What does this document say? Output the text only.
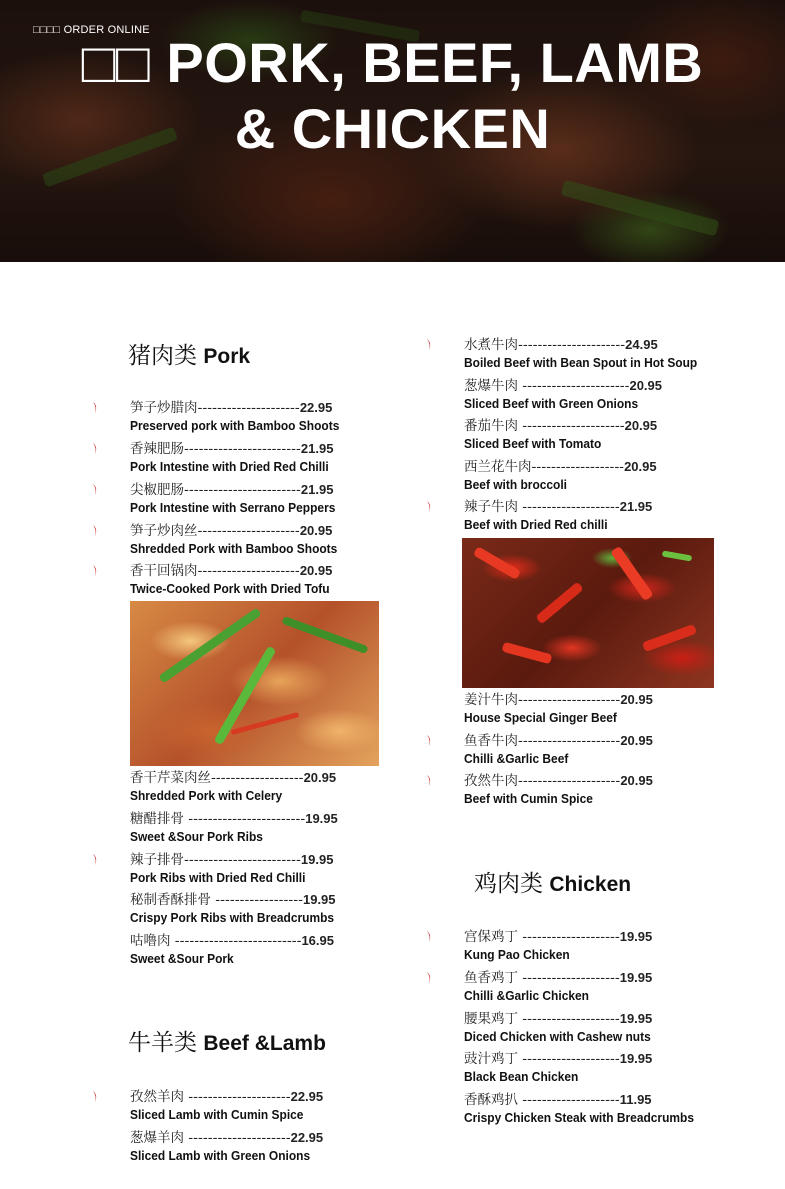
□□□□ ORDER ONLINE
□□ PORK, BEEF, LAMB
& CHICKEN
猪肉类 Pork
笋子炒腊肉---------------------22.95
Preserved pork with Bamboo Shoots
香辣肥肠------------------------21.95
Pork Intestine with Dried Red Chilli
尖椒肥肠------------------------21.95
Pork Intestine with Serrano Peppers
笋子炒肉丝---------------------20.95
Shredded Pork with Bamboo Shoots
香干回锅肉---------------------20.95
Twice-Cooked Pork with Dried Tofu
香干芹菜肉丝-------------------20.95
Shredded Pork with Celery
糖醋排骨 ------------------------19.95
Sweet &Sour Pork Ribs
辣子排骨------------------------19.95
Pork Ribs with Dried Red Chilli
秘制香酥排骨 ------------------19.95
Crispy Pork Ribs with Breadcrumbs
咕噜肉 --------------------------16.95
Sweet &Sour Pork
牛羊类 Beef &Lamb
孜然羊肉 ---------------------22.95
Sliced Lamb with Cumin Spice
葱爆羊肉 ---------------------22.95
Sliced Lamb with Green Onions
水煮牛肉----------------------24.95
Boiled Beef with Bean Spout in Hot Soup
葱爆牛肉 ----------------------20.95
Sliced Beef with Green Onions
番茄牛肉 ---------------------20.95
Sliced Beef with Tomato
西兰花牛肉-------------------20.95
Beef with broccoli
辣子牛肉 --------------------21.95
Beef with Dried Red chilli
姜汁牛肉---------------------20.95
House Special Ginger Beef
鱼香牛肉---------------------20.95
Chilli &Garlic Beef
孜然牛肉---------------------20.95
Beef with Cumin Spice
鸡肉类 Chicken
宫保鸡丁 --------------------19.95
Kung Pao Chicken
鱼香鸡丁 --------------------19.95
Chilli &Garlic Chicken
腰果鸡丁 --------------------19.95
Diced Chicken with Cashew nuts
豉汁鸡丁 --------------------19.95
Black Bean Chicken
香酥鸡扒 --------------------11.95
Crispy Chicken Steak with Breadcrumbs
